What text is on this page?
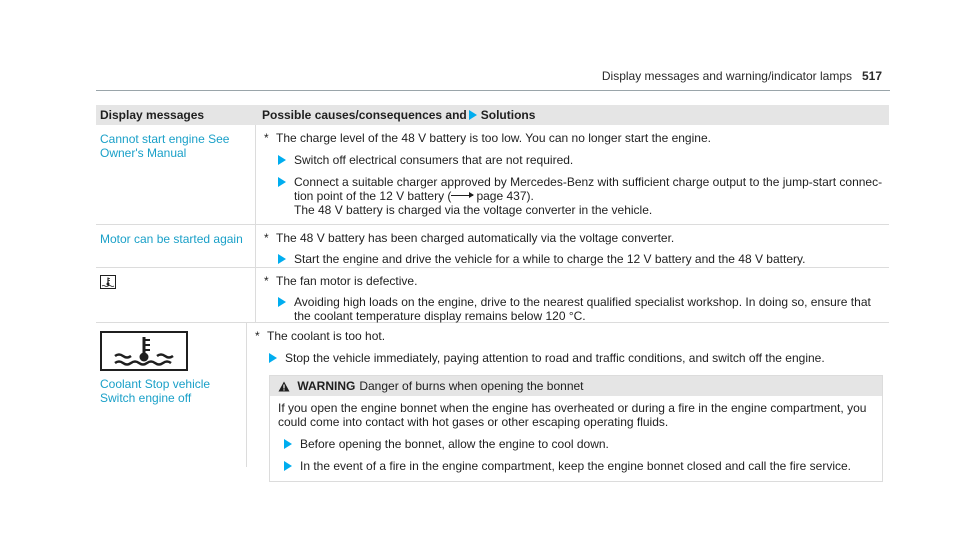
Display messages and warning/indicator lamps 517
Display messages	Possible causes/consequences and Solutions
Cannot start engine See Owner's Manual
* The charge level of the 48 V battery is too low. You can no longer start the engine.
Switch off electrical consumers that are not required.
Connect a suitable charger approved by Mercedes-Benz with sufficient charge output to the jump-start connec-tion point of the 12 V battery ( page 437).
The 48 V battery is charged via the voltage converter in the vehicle.
Motor can be started again	* The 48 V battery has been charged automatically via the voltage converter.
Start the engine and drive the vehicle for a while to charge the 12 V battery and the 48 V battery.
* The fan motor is defective.
Avoiding high loads on the engine, drive to the nearest qualified specialist workshop. In doing so, ensure that the coolant temperature display remains below 120 °C.
Coolant Stop vehicle
Switch engine off
* The coolant is too hot.
Stop the vehicle immediately, paying attention to road and traffic conditions, and switch off the engine.
WARNING Danger of burns when opening the bonnet
If you open the engine bonnet when the engine has overheated or during a fire in the engine compartment, you could come into contact with hot gases or other escaping operating fluids.
Before opening the bonnet, allow the engine to cool down.
In the event of a fire in the engine compartment, keep the engine bonnet closed and call the fire service.
